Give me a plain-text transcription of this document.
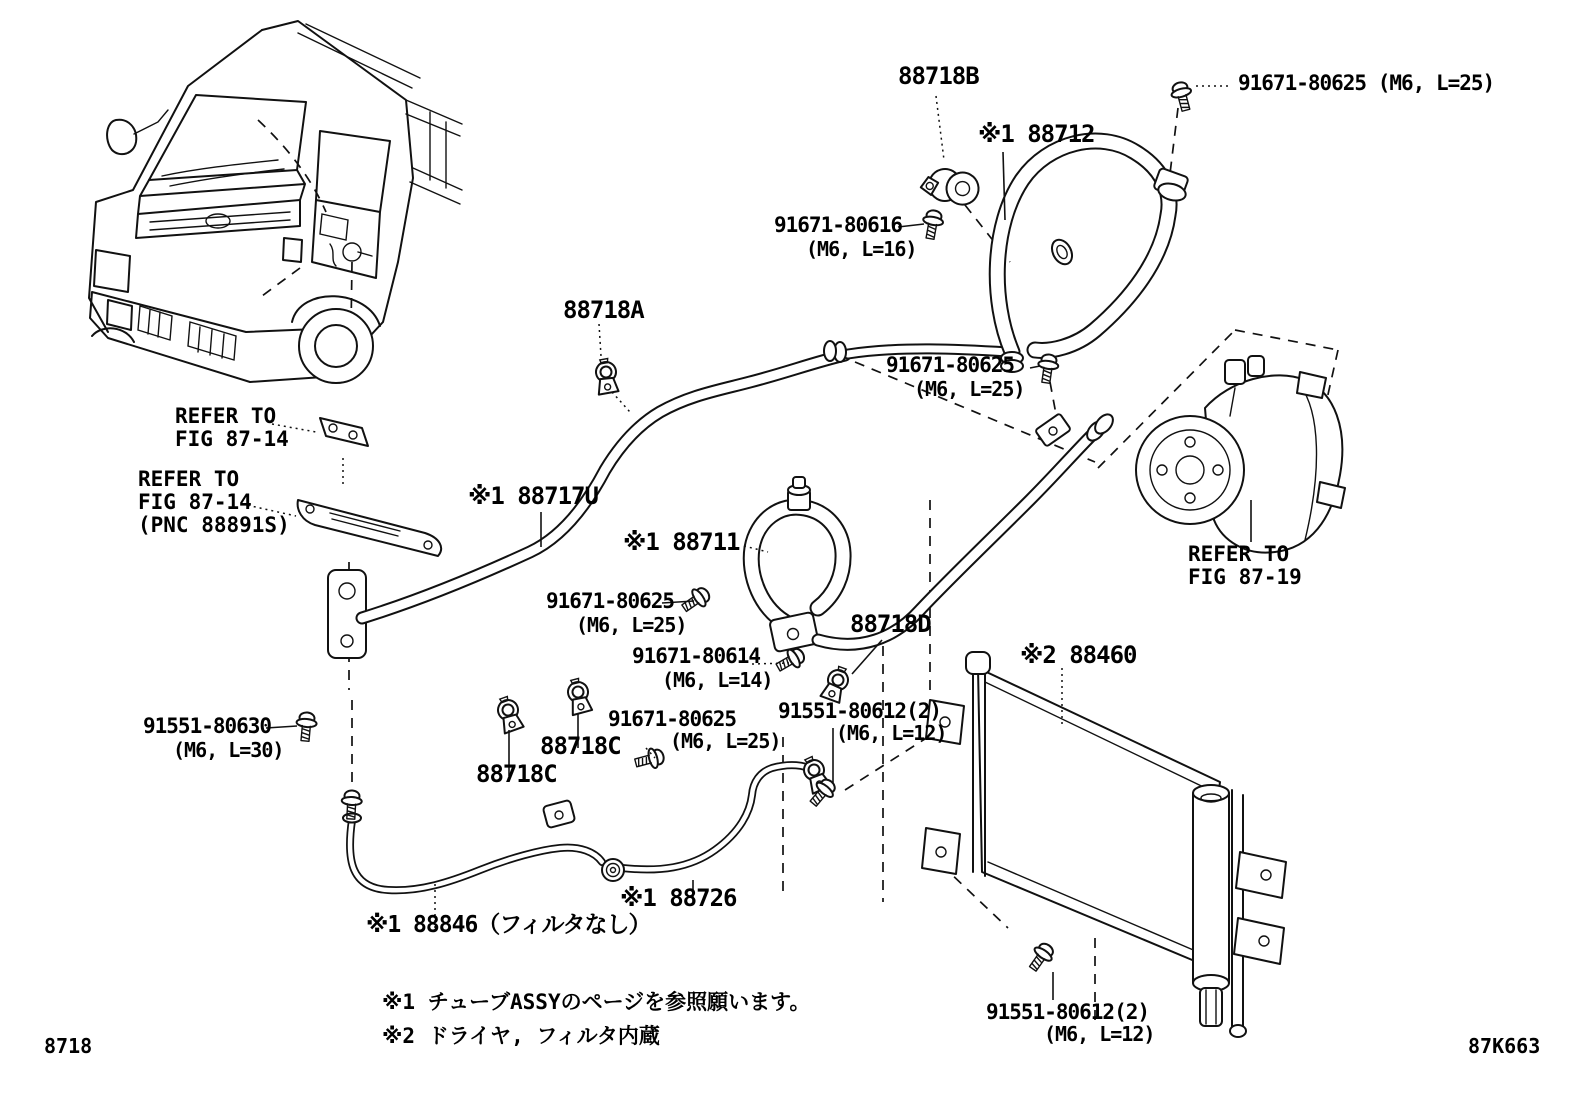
88718B	91671-80625 (M6, L=25)
※1 88712
91671-80616
(M6, L=16)
88718A
91671-80625
(M6, L=25)
REFER TO
FIG 87-14
REFER TO
FIG 87-14
(PNC 88891S)
※1 88717U
※1 88711
91671-80625
(M6, L=25)	88718D
91671-80614
(M6, L=14)
※2 88460
REFER TO
FIG 87-19
91551-80630
(M6, L=30)	88718C
88718C
91671-80625
(M6, L=25)
91551-80612(2)
(M6, L=12)
※1 88726
※1 88846（フィルタなし）
※1 チューブASSYのページを参照願います。
※2 ドライヤ, フィルタ内蔵
91551-80612(2)
(M6, L=12)
8718	87K663
